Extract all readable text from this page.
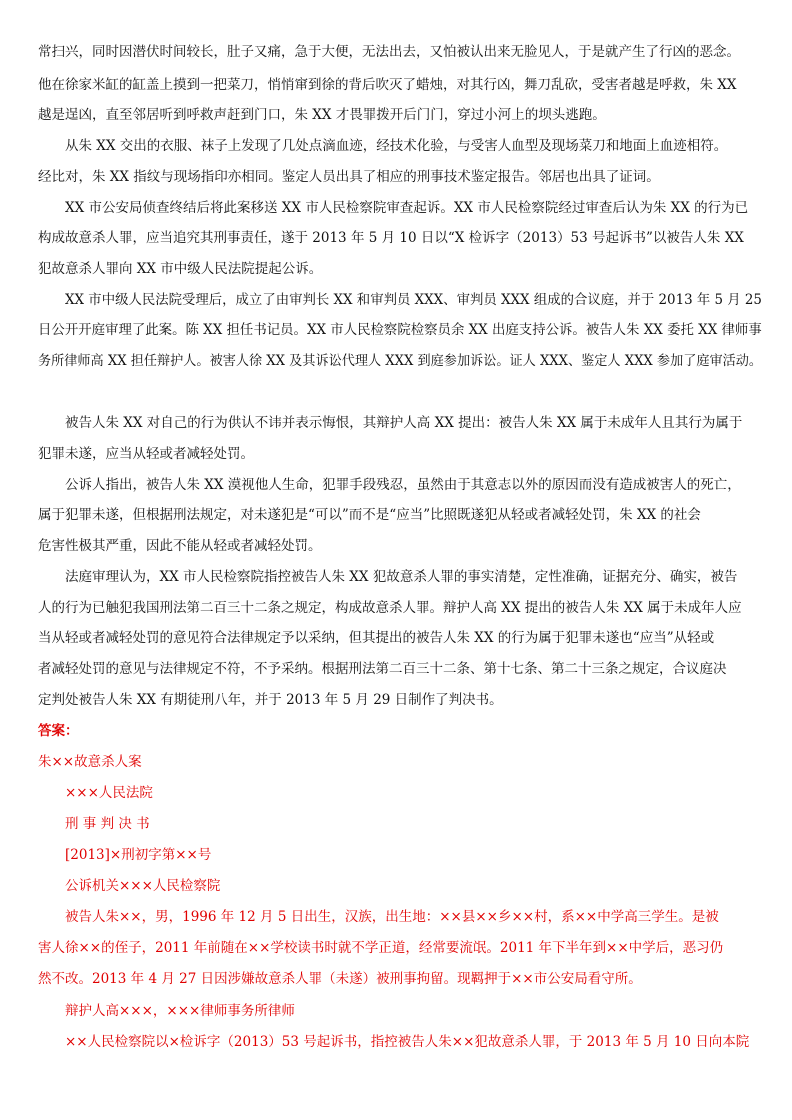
常扫兴，同时因潜伏时间较长，肚子又痛，急于大便，无法出去，又怕被认出来无脸见人，于是就产生了行凶的恶念。
他在徐家米缸的缸盖上摸到一把菜刀，悄悄窜到徐的背后吹灭了蜡烛，对其行凶，舞刀乱砍，受害者越是呼救，朱 XX
越是逞凶，直至邻居听到呼救声赶到门口，朱 XX 才畏罪拨开后门门，穿过小河上的坝头逃跑。
从朱 XX 交出的衣服、袜子上发现了几处点滴血迹，经技术化验，与受害人血型及现场菜刀和地面上血迹相符。
经比对，朱 XX 指纹与现场指印亦相同。鉴定人员出具了相应的刑事技术鉴定报告。邻居也出具了证词。
XX 市公安局侦查终结后将此案移送 XX 市人民检察院审查起诉。XX 市人民检察院经过审查后认为朱 XX 的行为已
构成故意杀人罪，应当追究其刑事责任，遂于 2013 年 5 月 10 日以“X 检诉字（2013）53 号起诉书”以被告人朱 XX
犯故意杀人罪向 XX 市中级人民法院提起公诉。
XX 市中级人民法院受理后，成立了由审判长 XX 和审判员 XXX、审判员 XXX 组成的合议庭，并于 2013 年 5 月 25
日公开开庭审理了此案。陈 XX 担任书记员。XX 市人民检察院检察员余 XX 出庭支持公诉。被告人朱 XX 委托 XX 律师事
务所律师高 XX 担任辩护人。被害人徐 XX 及其诉讼代理人 XXX 到庭参加诉讼。证人 XXX、鉴定人 XXX 参加了庭审活动。
被告人朱 XX 对自己的行为供认不讳并表示悔恨，其辩护人高 XX 提出：被告人朱 XX 属于未成年人且其行为属于
犯罪未遂，应当从轻或者减轻处罚。
公诉人指出，被告人朱 XX 漠视他人生命，犯罪手段残忍，虽然由于其意志以外的原因而没有造成被害人的死亡，
属于犯罪未遂，但根据刑法规定，对未遂犯是“可以”而不是“应当”比照既遂犯从轻或者减轻处罚，朱 XX 的社会
危害性极其严重，因此不能从轻或者减轻处罚。
法庭审理认为，XX 市人民检察院指控被告人朱 XX 犯故意杀人罪的事实清楚，定性准确，证据充分、确实，被告
人的行为已触犯我国刑法第二百三十二条之规定，构成故意杀人罪。辩护人高 XX 提出的被告人朱 XX 属于未成年人应
当从轻或者减轻处罚的意见符合法律规定予以采纳，但其提出的被告人朱 XX 的行为属于犯罪未遂也“应当”从轻或
者减轻处罚的意见与法律规定不符，不予采纳。根据刑法第二百三十二条、第十七条、第二十三条之规定，合议庭决
定判处被告人朱 XX 有期徒刑八年，并于 2013 年 5 月 29 日制作了判决书。
答案：
朱××故意杀人案
×××人民法院
刑 事 判 决 书
[2013]×刑初字第××号
公诉机关×××人民检察院
被告人朱××，男，1996 年 12 月 5 日出生，汉族，出生地：××县××乡××村，系××中学高三学生。是被
害人徐××的侄子，2011 年前随在××学校读书时就不学正道，经常要流氓。2011 年下半年到××中学后，恶习仍
然不改。2013 年 4 月 27 日因涉嫌故意杀人罪（未遂）被刑事拘留。现羁押于××市公安局看守所。
辩护人高×××，×××律师事务所律师
××人民检察院以×检诉字（2013）53 号起诉书，指控被告人朱××犯故意杀人罪，于 2013 年 5 月 10 日向本院
